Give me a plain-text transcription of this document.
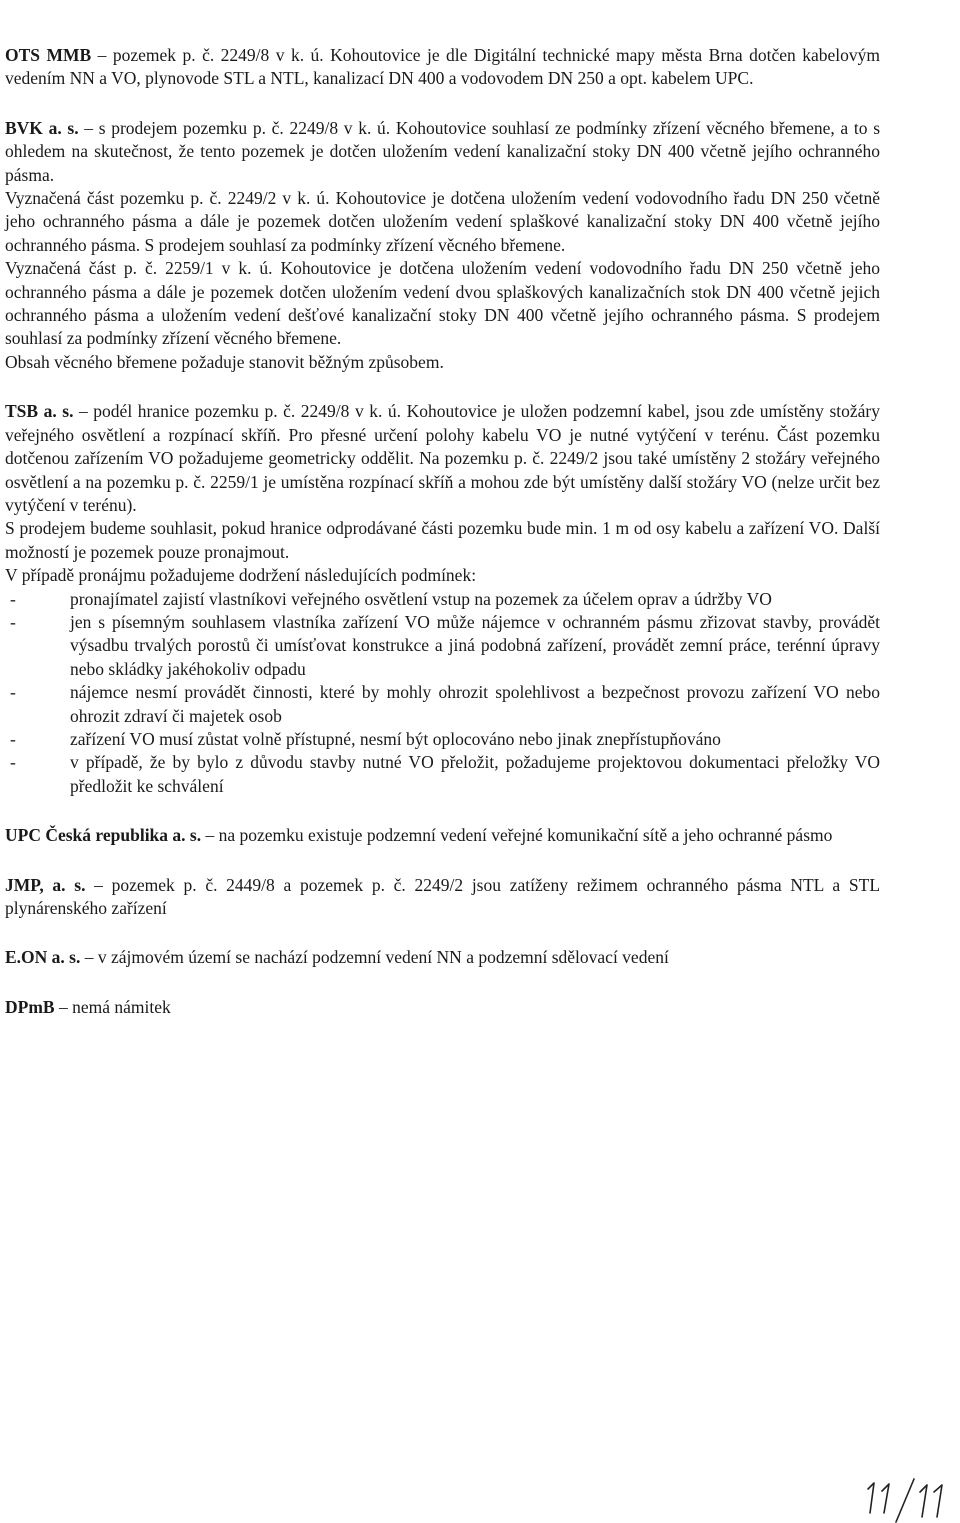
OTS MMB – pozemek p. č. 2249/8 v k. ú. Kohoutovice je dle Digitální technické mapy města Brna dotčen kabelovým vedením NN a VO, plynovode STL a NTL, kanalizací DN 400 a vodovodem DN 250 a opt. kabelem UPC.

BVK a. s. – s prodejem pozemku p. č. 2249/8 v k. ú. Kohoutovice souhlasí ze podmínky zřízení věcného břemene, a to s ohledem na skutečnost, že tento pozemek je dotčen uložením vedení kanalizační stoky DN 400 včetně jejího ochranného pásma.

Vyznačená část pozemku p. č. 2249/2 v k. ú. Kohoutovice je dotčena uložením vedení vodovodního řadu DN 250 včetně jeho ochranného pásma a dále je pozemek dotčen uložením vedení splaškové kanalizační stoky DN 400 včetně jejího ochranného pásma. S prodejem souhlasí za podmínky zřízení věcného břemene.

Vyznačená část p. č. 2259/1 v k. ú. Kohoutovice je dotčena uložením vedení vodovodního řadu DN 250 včetně jeho ochranného pásma a dále je pozemek dotčen uložením vedení dvou splaškových kanalizačních stok DN 400 včetně jejich ochranného pásma a uložením vedení dešťové kanalizační stoky DN 400 včetně jejího ochranného pásma. S prodejem souhlasí za podmínky zřízení věcného břemene.

Obsah věcného břemene požaduje stanovit běžným způsobem.

TSB a. s. – podél hranice pozemku p. č. 2249/8 v k. ú. Kohoutovice je uložen podzemní kabel, jsou zde umístěny stožáry veřejného osvětlení a rozpínací skříň. Pro přesné určení polohy kabelu VO je nutné vytýčení v terénu. Část pozemku dotčenou zařízením VO požadujeme geometricky oddělit. Na pozemku p. č. 2249/2 jsou také umístěny 2 stožáry veřejného osvětlení a na pozemku p. č. 2259/1 je umístěna rozpínací skříň a mohou zde být umístěny další stožáry VO (nelze určit bez vytýčení v terénu).

S prodejem budeme souhlasit, pokud hranice odprodávané části pozemku bude min. 1 m od osy kabelu a zařízení VO. Další možností je pozemek pouze pronajmout.

V případě pronájmu požadujeme dodržení následujících podmínek:

-	pronajímatel zajistí vlastníkovi veřejného osvětlení vstup na pozemek za účelem oprav a údržby VO
-	jen s písemným souhlasem vlastníka zařízení VO může nájemce v ochranném pásmu zřizovat stavby, provádět výsadbu trvalých porostů či umísťovat konstrukce a jiná podobná zařízení, provádět zemní práce, terénní úpravy nebo skládky jakéhokoliv odpadu
-	nájemce nesmí provádět činnosti, které by mohly ohrozit spolehlivost a bezpečnost provozu zařízení VO nebo ohrozit zdraví či majetek osob
-	zařízení VO musí zůstat volně přístupné, nesmí být oplocováno nebo jinak znepřístupňováno
-	v případě, že by bylo z důvodu stavby nutné VO přeložit, požadujeme projektovou dokumentaci přeložky VO předložit ke schválení

UPC Česká republika a. s. – na pozemku existuje podzemní vedení veřejné komunikační sítě a jeho ochranné pásmo

JMP, a. s. – pozemek p. č. 2449/8 a pozemek p. č. 2249/2 jsou zatíženy režimem ochranného pásma NTL a STL plynárenského zařízení

E.ON a. s. – v zájmovém území se nachází podzemní vedení NN a podzemní sdělovací vedení

DPmB – nemá námitek
